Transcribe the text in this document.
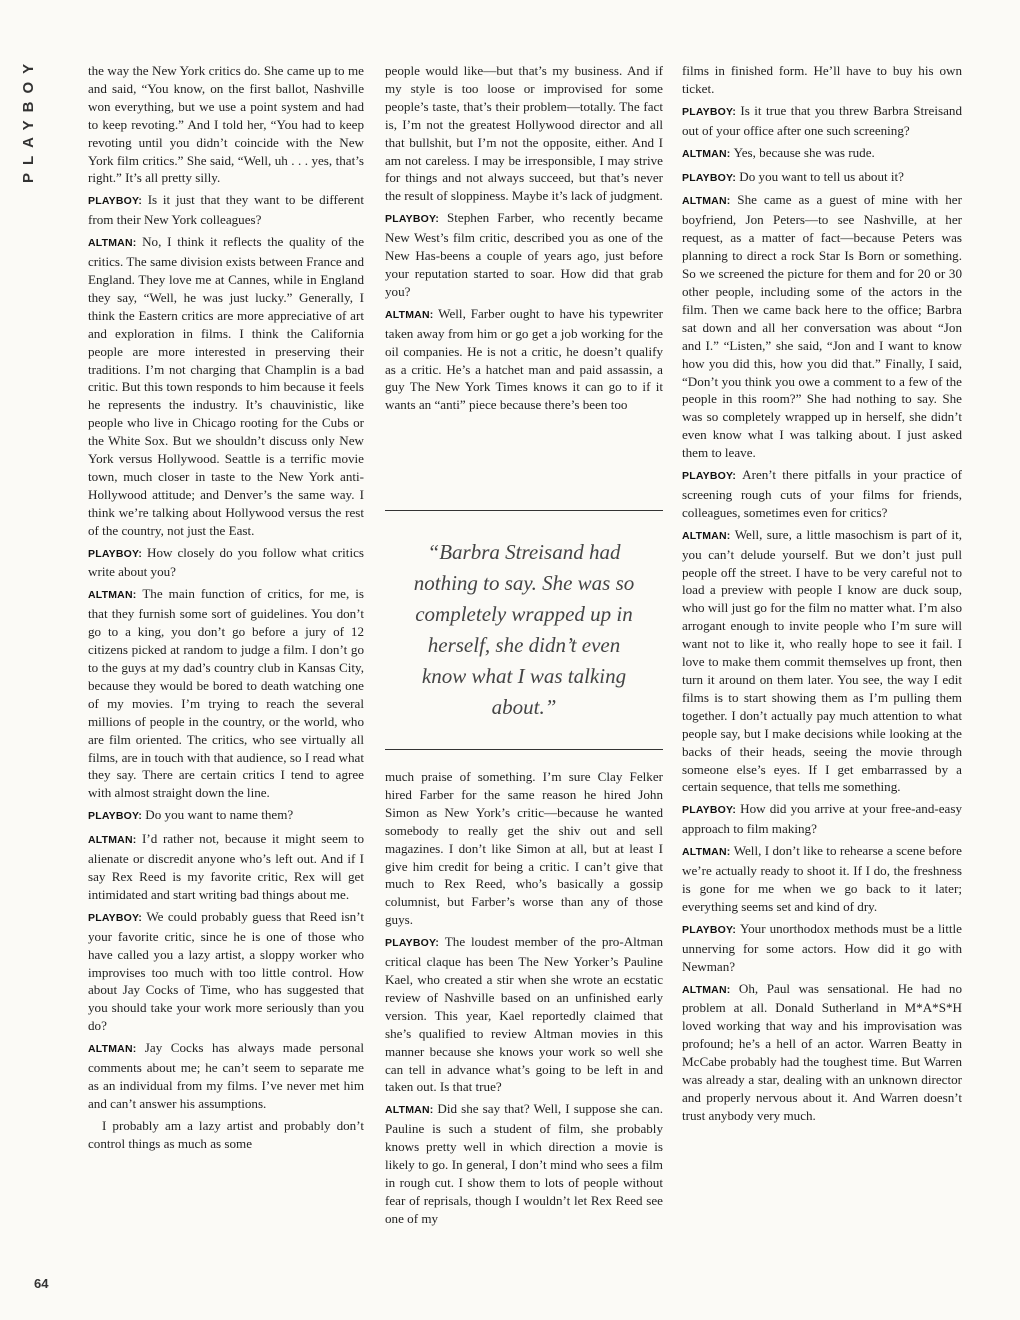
PLAYBOY	the way the New York critics do. She came up to me and said, “You know, on the first ballot, Nashville won everything, but we use a point system and had to keep revoting.” And I told her, “You had to keep revoting until you didn’t coincide with the New York film critics.” She said, “Well, uh . . . yes, that’s right.” It’s all pretty silly.

PLAYBOY: Is it just that they want to be different from their New York colleagues?

ALTMAN: No, I think it reflects the quality of the critics. The same division exists between France and England. They love me at Cannes, while in England they say, “Well, he was just lucky.” Generally, I think the Eastern critics are more appreciative of art and exploration in films. I think the California people are more interested in preserving their traditions. I’m not charging that Champlin is a bad critic. But this town responds to him because it feels he represents the industry. It’s chauvinistic, like people who live in Chicago rooting for the Cubs or the White Sox. But we shouldn’t discuss only New York versus Hollywood. Seattle is a terrific movie town, much closer in taste to the New York anti-Hollywood attitude; and Denver’s the same way. I think we’re talking about Hollywood versus the rest of the country, not just the East.

PLAYBOY: How closely do you follow what critics write about you?

ALTMAN: The main function of critics, for me, is that they furnish some sort of guidelines. You don’t go to a king, you don’t go before a jury of 12 citizens picked at random to judge a film. I don’t go to the guys at my dad’s country club in Kansas City, because they would be bored to death watching one of my movies. I’m trying to reach the several millions of people in the country, or the world, who are film oriented. The critics, who see virtually all films, are in touch with that audience, so I read what they say. There are certain critics I tend to agree with almost straight down the line.

PLAYBOY: Do you want to name them?

ALTMAN: I’d rather not, because it might seem to alienate or discredit anyone who’s left out. And if I say Rex Reed is my favorite critic, Rex will get intimidated and start writing bad things about me.

PLAYBOY: We could probably guess that Reed isn’t your favorite critic, since he is one of those who have called you a lazy artist, a sloppy worker who improvises too much with too little control. How about Jay Cocks of Time, who has suggested that you should take your work more seriously than you do?

ALTMAN: Jay Cocks has always made personal comments about me; he can’t seem to separate me as an individual from my films. I’ve never met him and can’t answer his assumptions.

I probably am a lazy artist and probably don’t control things as much as some

people would like—but that’s my business. And if my style is too loose or improvised for some people’s taste, that’s their problem—totally. The fact is, I’m not the greatest Hollywood director and all that bullshit, but I’m not the opposite, either. And I am not careless. I may be irresponsible, I may strive for things and not always succeed, but that’s never the result of sloppiness. Maybe it’s lack of judgment.

PLAYBOY: Stephen Farber, who recently became New West’s film critic, described you as one of the New Has-beens a couple of years ago, just before your reputation started to soar. How did that grab you?

ALTMAN: Well, Farber ought to have his typewriter taken away from him or go get a job working for the oil companies. He is not a critic, he doesn’t qualify as a critic. He’s a hatchet man and paid assassin, a guy The New York Times knows it can go to if it wants an “anti” piece because there’s been too

“Barbra Streisand had nothing to say. She was so completely wrapped up in herself, she didn’t even know what I was talking about.”

much praise of something. I’m sure Clay Felker hired Farber for the same reason he hired John Simon as New York’s critic—because he wanted somebody to really get the shiv out and sell magazines. I don’t like Simon at all, but at least I give him credit for being a critic. I can’t give that much to Rex Reed, who’s basically a gossip columnist, but Farber’s worse than any of those guys.

PLAYBOY: The loudest member of the pro-Altman critical claque has been The New Yorker’s Pauline Kael, who created a stir when she wrote an ecstatic review of Nashville based on an unfinished early version. This year, Kael reportedly claimed that she’s qualified to review Altman movies in this manner because she knows your work so well she can tell in advance what’s going to be left in and taken out. Is that true?

ALTMAN: Did she say that? Well, I suppose she can. Pauline is such a student of film, she probably knows pretty well in which direction a movie is likely to go. In general, I don’t mind who sees a film in rough cut. I show them to lots of people without fear of reprisals, though I wouldn’t let Rex Reed see one of my

films in finished form. He’ll have to buy his own ticket.

PLAYBOY: Is it true that you threw Barbra Streisand out of your office after one such screening?

ALTMAN: Yes, because she was rude.

PLAYBOY: Do you want to tell us about it?

ALTMAN: She came as a guest of mine with her boyfriend, Jon Peters—to see Nashville, at her request, as a matter of fact—because Peters was planning to direct a rock Star Is Born or something. So we screened the picture for them and for 20 or 30 other people, including some of the actors in the film. Then we came back here to the office; Barbra sat down and all her conversation was about “Jon and I.” “Listen,” she said, “Jon and I want to know how you did this, how you did that.” Finally, I said, “Don’t you think you owe a comment to a few of the people in this room?” She had nothing to say. She was so completely wrapped up in herself, she didn’t even know what I was talking about. I just asked them to leave.

PLAYBOY: Aren’t there pitfalls in your practice of screening rough cuts of your films for friends, colleagues, sometimes even for critics?

ALTMAN: Well, sure, a little masochism is part of it, you can’t delude yourself. But we don’t just pull people off the street. I have to be very careful not to load a preview with people I know are duck soup, who will just go for the film no matter what. I’m also arrogant enough to invite people who I’m sure will want not to like it, who really hope to see it fail. I love to make them commit themselves up front, then turn it around on them later. You see, the way I edit films is to start showing them as I’m pulling them together. I don’t actually pay much attention to what people say, but I make decisions while looking at the backs of their heads, seeing the movie through someone else’s eyes. If I get embarrassed by a certain sequence, that tells me something.

PLAYBOY: How did you arrive at your free-and-easy approach to film making?

ALTMAN: Well, I don’t like to rehearse a scene before we’re actually ready to shoot it. If I do, the freshness is gone for me when we go back to it later; everything seems set and kind of dry.

PLAYBOY: Your unorthodox methods must be a little unnerving for some actors. How did it go with Newman?

ALTMAN: Oh, Paul was sensational. He had no problem at all. Donald Sutherland in M*A*S*H loved working that way and his improvisation was profound; he’s a hell of an actor. Warren Beatty in McCabe probably had the toughest time. But Warren was already a star, dealing with an unknown director and properly nervous about it. And Warren doesn’t trust anybody very much.

64
